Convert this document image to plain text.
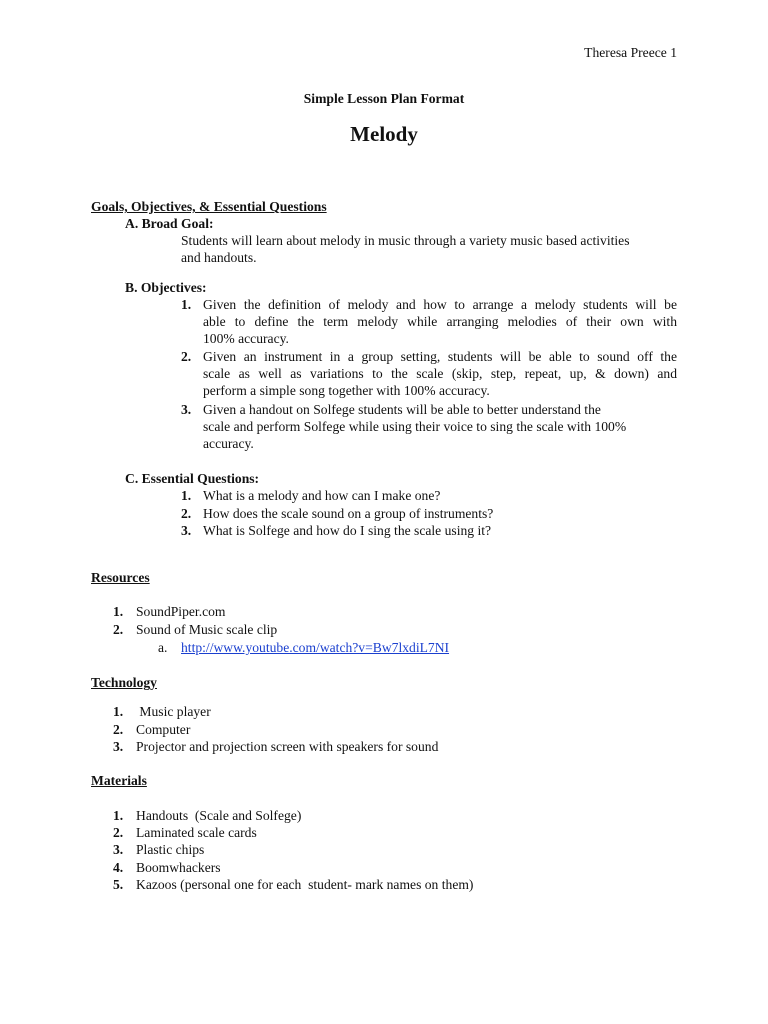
Theresa Preece 1
Simple Lesson Plan Format
Melody
Goals, Objectives, & Essential Questions
A. Broad Goal:
Students will learn about melody in music through a variety music based activities
and handouts.
B. Objectives:
1. Given the definition of melody and how to arrange a melody students will be
able to define the term melody while arranging melodies of their own with
100% accuracy.
2. Given an instrument in a group setting, students will be able to sound off the
scale as well as variations to the scale (skip, step, repeat, up, & down) and
perform a simple song together with 100% accuracy.
3. Given a handout on Solfege students will be able to better understand the
scale and perform Solfege while using their voice to sing the scale with 100%
accuracy.
C. Essential Questions:
1. What is a melody and how can I make one?
2. How does the scale sound on a group of instruments?
3. What is Solfege and how do I sing the scale using it?
Resources
1. SoundPiper.com
2. Sound of Music scale clip
a. http://www.youtube.com/watch?v=Bw7lxdiL7NI
Technology
1. Music player
2. Computer
3. Projector and projection screen with speakers for sound
Materials
1. Handouts  (Scale and Solfege)
2. Laminated scale cards
3. Plastic chips
4. Boomwhackers
5. Kazoos (personal one for each  student- mark names on them)
